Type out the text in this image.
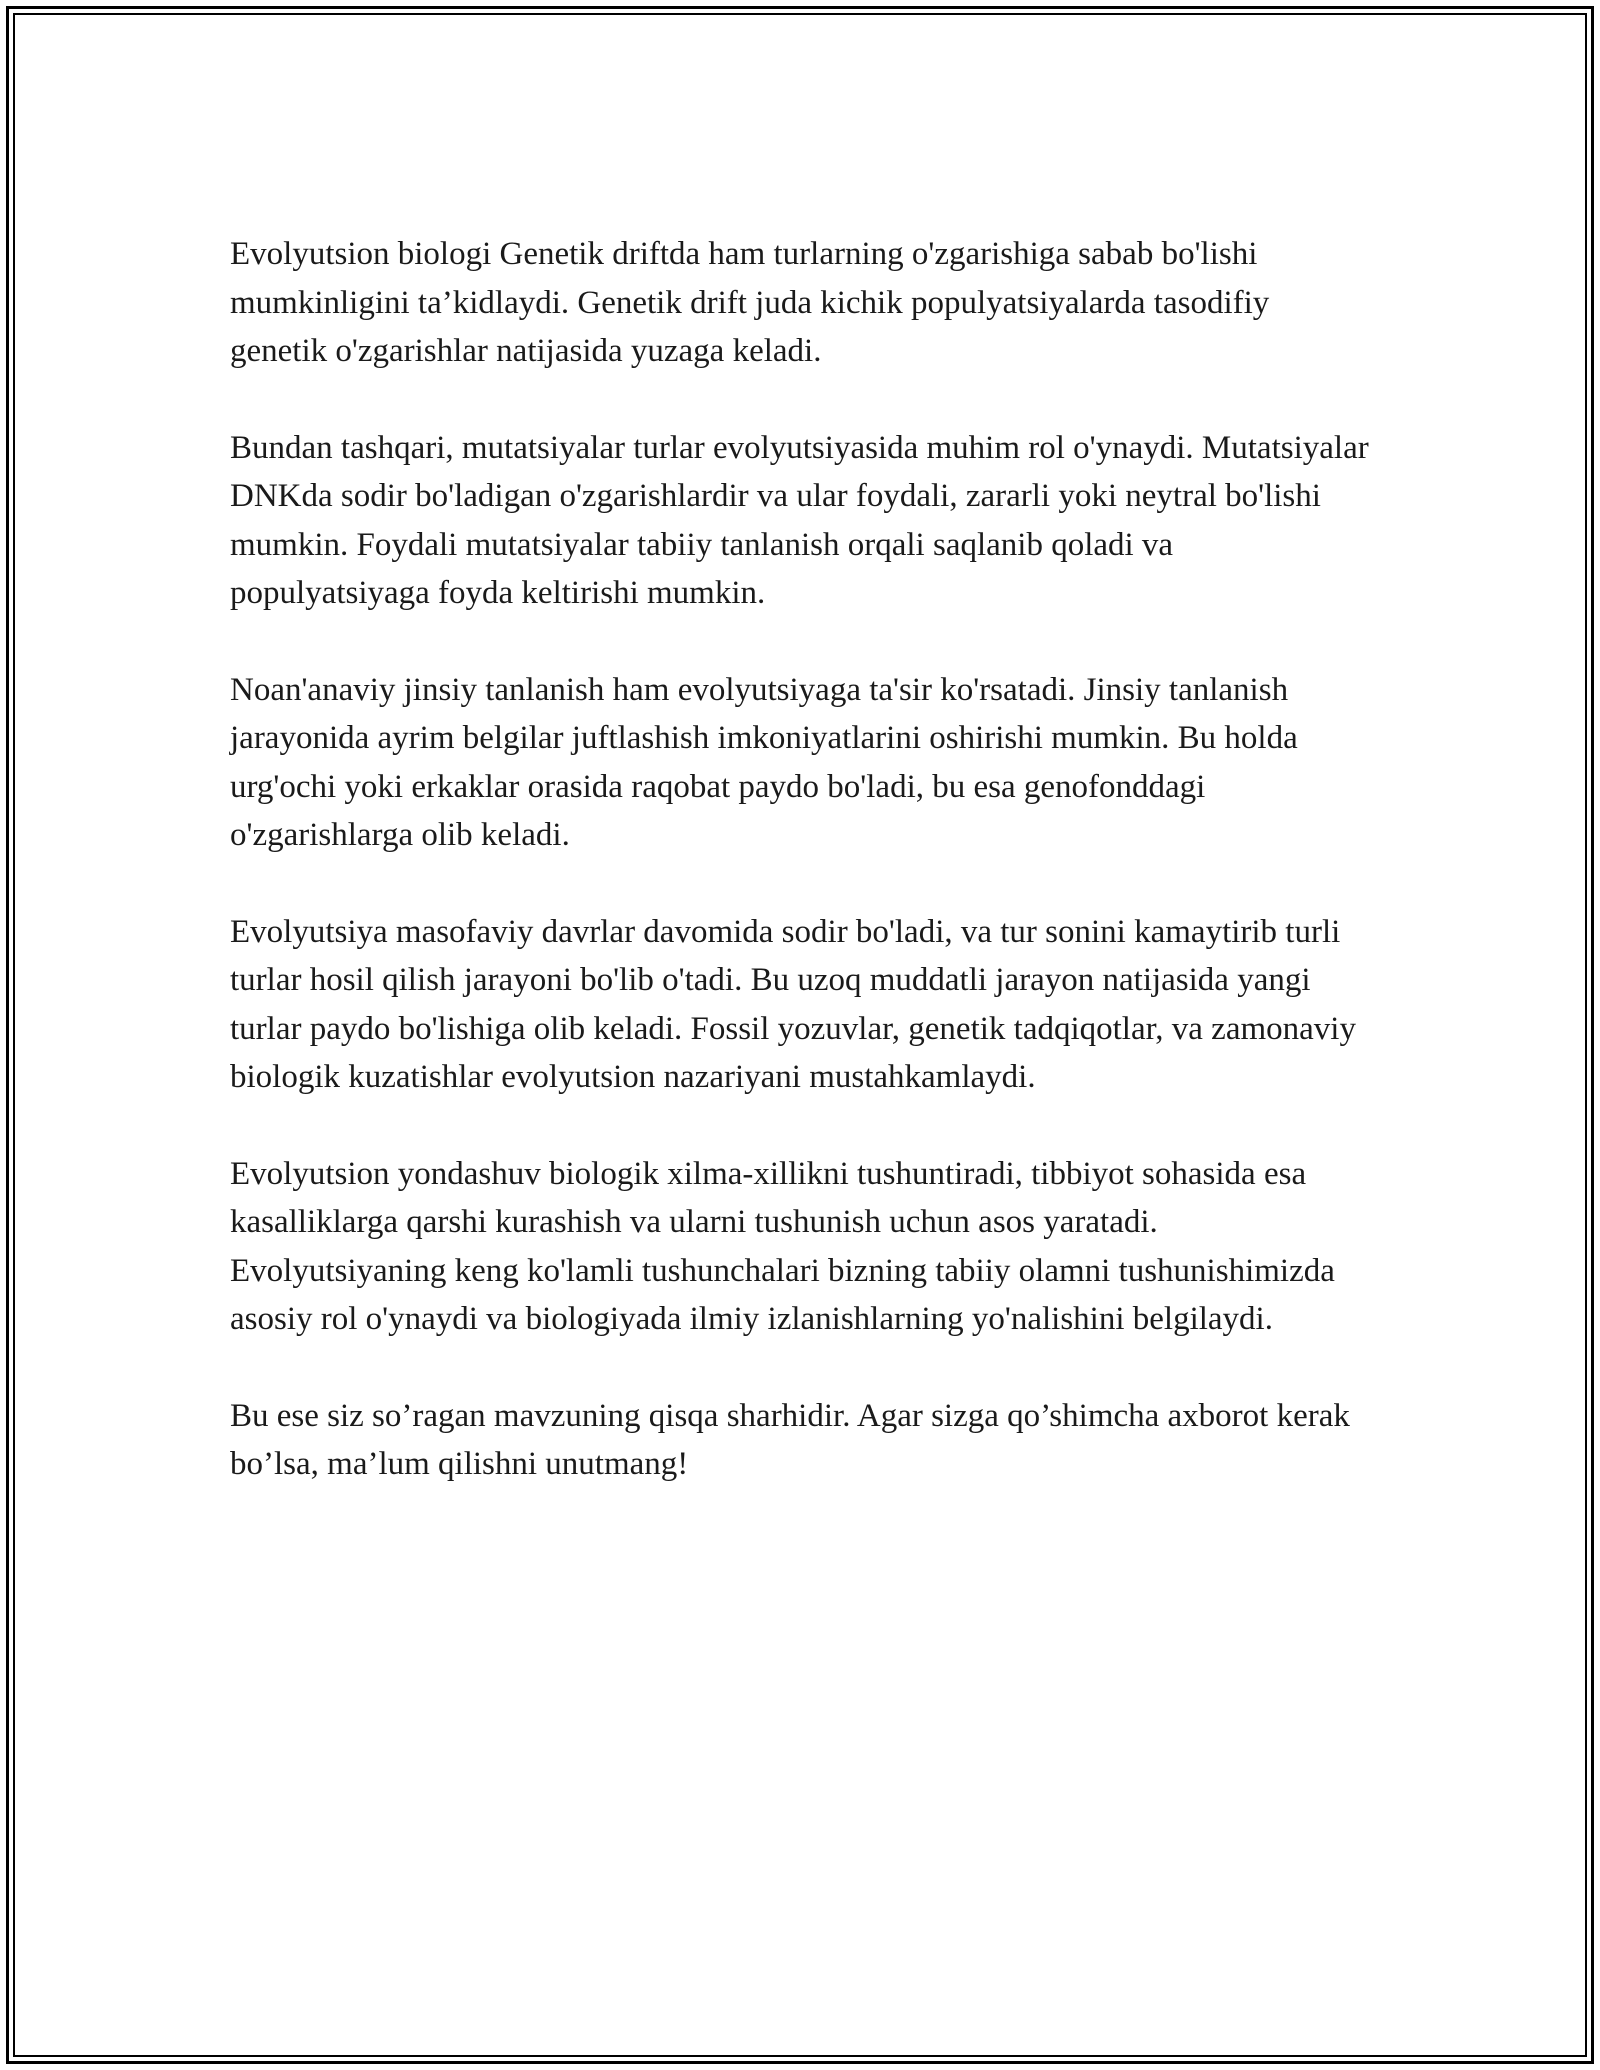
Evolyutsion biologi Genetik driftda ham turlarning o'zgarishiga sabab bo'lishi mumkinligini ta’kidlaydi. Genetik drift juda kichik populyatsiyalarda tasodifiy genetik o'zgarishlar natijasida yuzaga keladi.

Bundan tashqari, mutatsiyalar turlar evolyutsiyasida muhim rol o'ynaydi. Mutatsiyalar DNKda sodir bo'ladigan o'zgarishlardir va ular foydali, zararli yoki neytral bo'lishi mumkin. Foydali mutatsiyalar tabiiy tanlanish orqali saqlanib qoladi va populyatsiyaga foyda keltirishi mumkin.

Noan'anaviy jinsiy tanlanish ham evolyutsiyaga ta'sir ko'rsatadi. Jinsiy tanlanish jarayonida ayrim belgilar juftlashish imkoniyatlarini oshirishi mumkin. Bu holda urg'ochi yoki erkaklar orasida raqobat paydo bo'ladi, bu esa genofonddagi o'zgarishlarga olib keladi.

Evolyutsiya masofaviy davrlar davomida sodir bo'ladi, va tur sonini kamaytirib turli turlar hosil qilish jarayoni bo'lib o'tadi. Bu uzoq muddatli jarayon natijasida yangi turlar paydo bo'lishiga olib keladi. Fossil yozuvlar, genetik tadqiqotlar, va zamonaviy biologik kuzatishlar evolyutsion nazariyani mustahkamlaydi.

Evolyutsion yondashuv biologik xilma-xillikni tushuntiradi, tibbiyot sohasida esa kasalliklarga qarshi kurashish va ularni tushunish uchun asos yaratadi. Evolyutsiyaning keng ko'lamli tushunchalari bizning tabiiy olamni tushunishimizda asosiy rol o'ynaydi va biologiyada ilmiy izlanishlarning yo'nalishini belgilaydi.

Bu ese siz so’ragan mavzuning qisqa sharhidir. Agar sizga qo’shimcha axborot kerak bo’lsa, ma’lum qilishni unutmang!
